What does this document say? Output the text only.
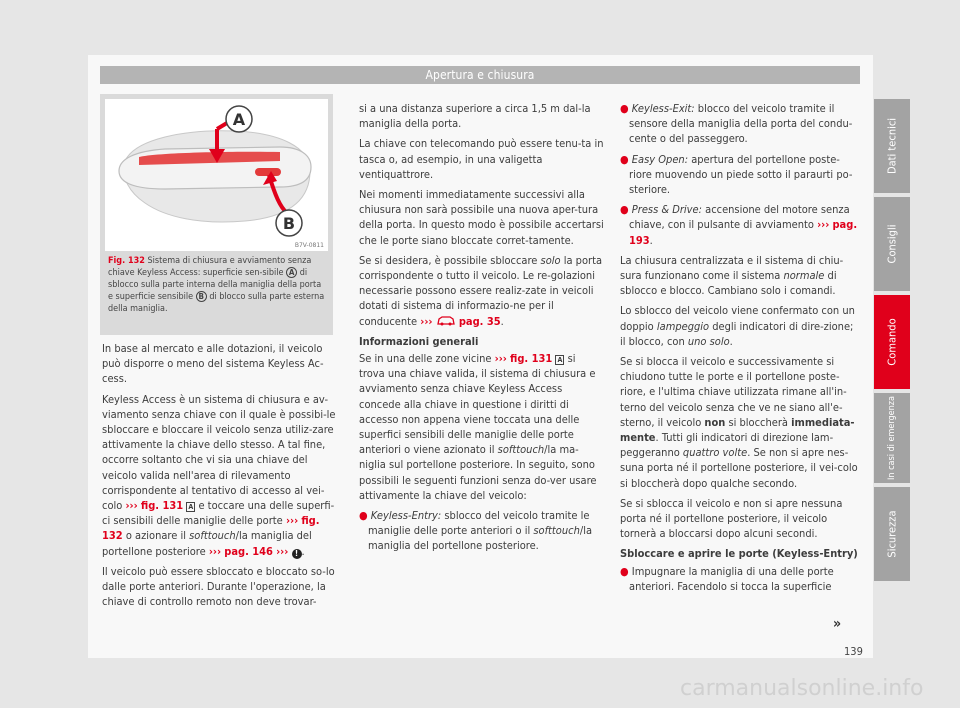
Apertura e chiusura
A
B
B7V-0811
Fig. 132 Sistema di chiusura e avviamento senza chiave Keyless Access: superficie sen-sibile A di sblocco sulla parte interna della maniglia della porta e superficie sensibile B di blocco sulla parte esterna della maniglia.

In base al mercato e alle dotazioni, il veicolo può disporre o meno del sistema Keyless Ac-cess.

Keyless Access è un sistema di chiusura e av-viamento senza chiave con il quale è possibi-le sbloccare e bloccare il veicolo senza utiliz-zare attivamente la chiave dello stesso. A tal fine, occorre soltanto che vi sia una chiave del veicolo valida nell'area di rilevamento corrispondente al tentativo di accesso al vei-colo ››› fig. 131 A e toccare una delle superfi-ci sensibili delle maniglie delle porte ››› fig. 132 o azionare il softtouch/la maniglia del portellone posteriore ››› pag. 146 ››› ! .

Il veicolo può essere sbloccato e bloccato so-lo dalle porte anteriori. Durante l'operazione, la chiave di controllo remoto non deve trovar-

si a una distanza superiore a circa 1,5 m dal-la maniglia della porta.

La chiave con telecomando può essere tenu-ta in tasca o, ad esempio, in una valigetta ventiquattrore.

Nei momenti immediatamente successivi alla chiusura non sarà possibile una nuova aper-tura della porta. In questo modo è possibile accertarsi che le porte siano bloccate corret-tamente.

Se si desidera, è possibile sbloccare solo la porta corrispondente o tutto il veicolo. Le re-golazioni necessarie possono essere realiz-zate in veicoli dotati di sistema di informazio-ne per il conducente ››› pag. 35.

Informazioni generali

Se in una delle zone vicine ››› fig. 131 A si trova una chiave valida, il sistema di chiusura e avviamento senza chiave Keyless Access concede alla chiave in questione i diritti di accesso non appena viene toccata una delle superfici sensibili delle maniglie delle porte anteriori o viene azionato il softtouch/la ma-niglia sul portellone posteriore. In seguito, sono possibili le seguenti funzioni senza do-ver usare attivamente la chiave del veicolo:

● Keyless-Entry: sblocco del veicolo tramite le maniglie delle porte anteriori o il softtouch/la maniglia del portellone posteriore.

● Keyless-Exit: blocco del veicolo tramite il sensore della maniglia della porta del condu-cente o del passeggero.

● Easy Open: apertura del portellone poste-riore muovendo un piede sotto il paraurti po-steriore.

● Press & Drive: accensione del motore senza chiave, con il pulsante di avviamento ››› pag. 193.

La chiusura centralizzata e il sistema di chiu-sura funzionano come il sistema normale di sblocco e blocco. Cambiano solo i comandi.

Lo sblocco del veicolo viene confermato con un doppio lampeggio degli indicatori di dire-zione; il blocco, con uno solo.

Se si blocca il veicolo e successivamente si chiudono tutte le porte e il portellone poste-riore, e l'ultima chiave utilizzata rimane all'in-terno del veicolo senza che ve ne siano all'e-sterno, il veicolo non si bloccherà immediata-mente. Tutti gli indicatori di direzione lam-peggeranno quattro volte. Se non si apre nes-suna porta né il portellone posteriore, il vei-colo si bloccherà dopo qualche secondo.

Se si sblocca il veicolo e non si apre nessuna porta né il portellone posteriore, il veicolo tornerà a bloccarsi dopo alcuni secondi.

Sbloccare e aprire le porte (Keyless-Entry)

● Impugnare la maniglia di una delle porte anteriori. Facendolo si tocca la superficie

»
Dati tecnici
Consigli
Comando
In casi di emergenza
Sicurezza
139
carmanualsonline.info
